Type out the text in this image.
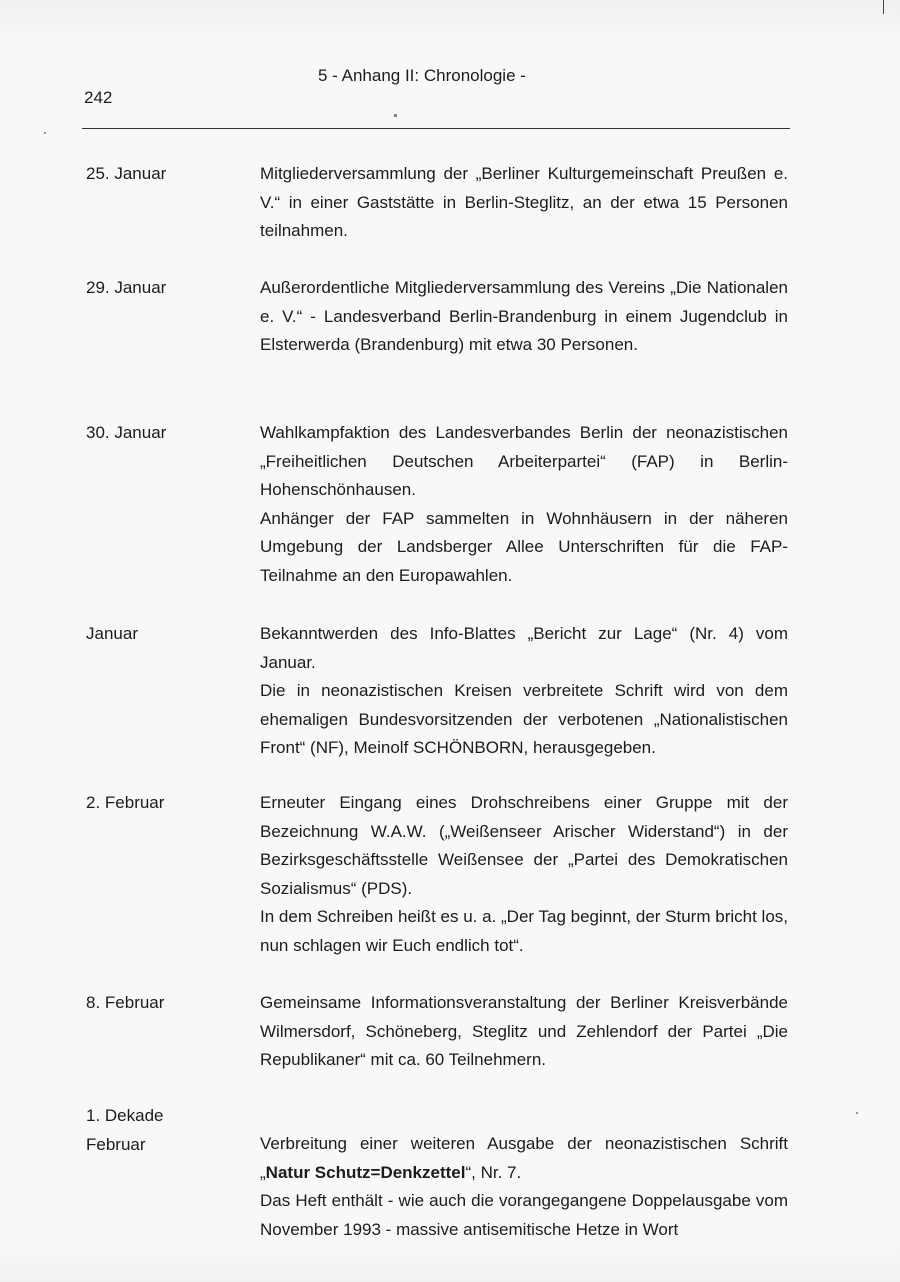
5 - Anhang II: Chronologie -
242
25. Januar	Mitgliederversammlung der „Berliner Kulturgemeinschaft Preußen e. V.“ in einer Gaststätte in Berlin-Steglitz, an der etwa 15 Personen teilnahmen.

29. Januar	Außerordentliche Mitgliederversammlung des Vereins „Die Nationalen e. V.“ - Landesverband Berlin-Brandenburg in einem Jugendclub in Elsterwerda (Brandenburg) mit etwa 30 Personen.

30. Januar	Wahlkampfaktion des Landesverbandes Berlin der neonazistischen „Freiheitlichen Deutschen Arbeiterpartei“ (FAP) in Berlin-Hohenschönhausen.

Anhänger der FAP sammelten in Wohnhäusern in der näheren Umgebung der Landsberger Allee Unterschriften für die FAP-Teilnahme an den Europawahlen.

Januar	Bekanntwerden des Info-Blattes „Bericht zur Lage“ (Nr. 4) vom Januar.

Die in neonazistischen Kreisen verbreitete Schrift wird von dem ehemaligen Bundesvorsitzenden der verbotenen „Nationalistischen Front“ (NF), Meinolf SCHÖNBORN, herausgegeben.

2. Februar	Erneuter Eingang eines Drohschreibens einer Gruppe mit der Bezeichnung W.A.W. („Weißenseer Arischer Widerstand“) in der Bezirksgeschäftsstelle Weißensee der „Partei des Demokratischen Sozialismus“ (PDS).

In dem Schreiben heißt es u. a. „Der Tag beginnt, der Sturm bricht los, nun schlagen wir Euch endlich tot“.

8. Februar	Gemeinsame Informationsveranstaltung der Berliner Kreisverbände Wilmersdorf, Schöneberg, Steglitz und Zehlendorf der Partei „Die Republikaner“ mit ca. 60 Teilnehmern.

1. Dekade
Februar	Verbreitung einer weiteren Ausgabe der neonazistischen Schrift „Natur Schutz=Denkzettel“, Nr. 7.

Das Heft enthält - wie auch die vorangegangene Doppelausgabe vom November 1993 - massive antisemitische Hetze in Wort
